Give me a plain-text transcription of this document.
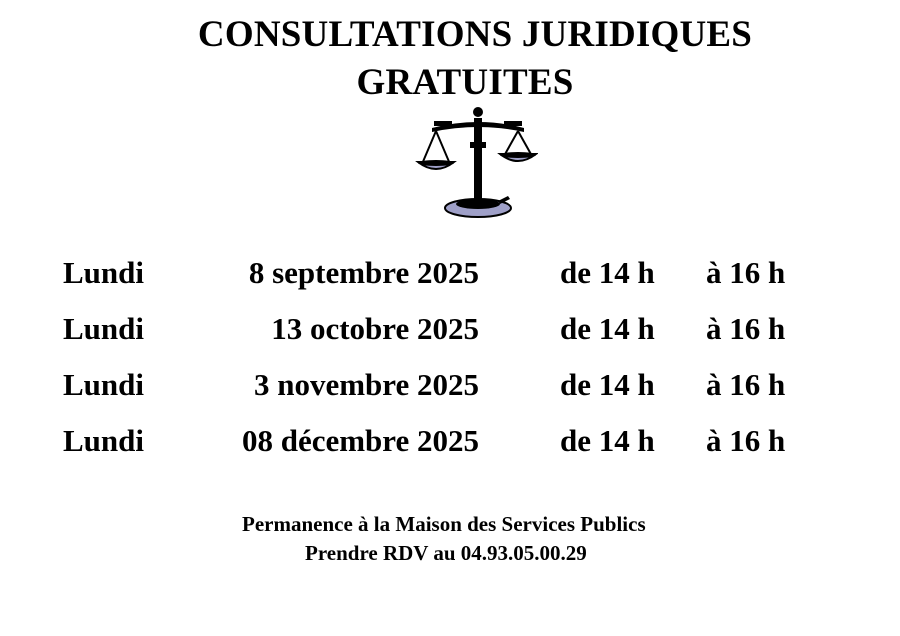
CONSULTATIONS JURIDIQUES
GRATUITES
Lundi	8 septembre 2025	de 14 h à 16 h
Lundi	13 octobre 2025	de 14 h à 16 h
Lundi	3 novembre 2025	de 14 h à 16 h
Lundi	08 décembre 2025	de 14 h à 16 h
Permanence à la Maison des Services Publics
Prendre RDV au 04.93.05.00.29
